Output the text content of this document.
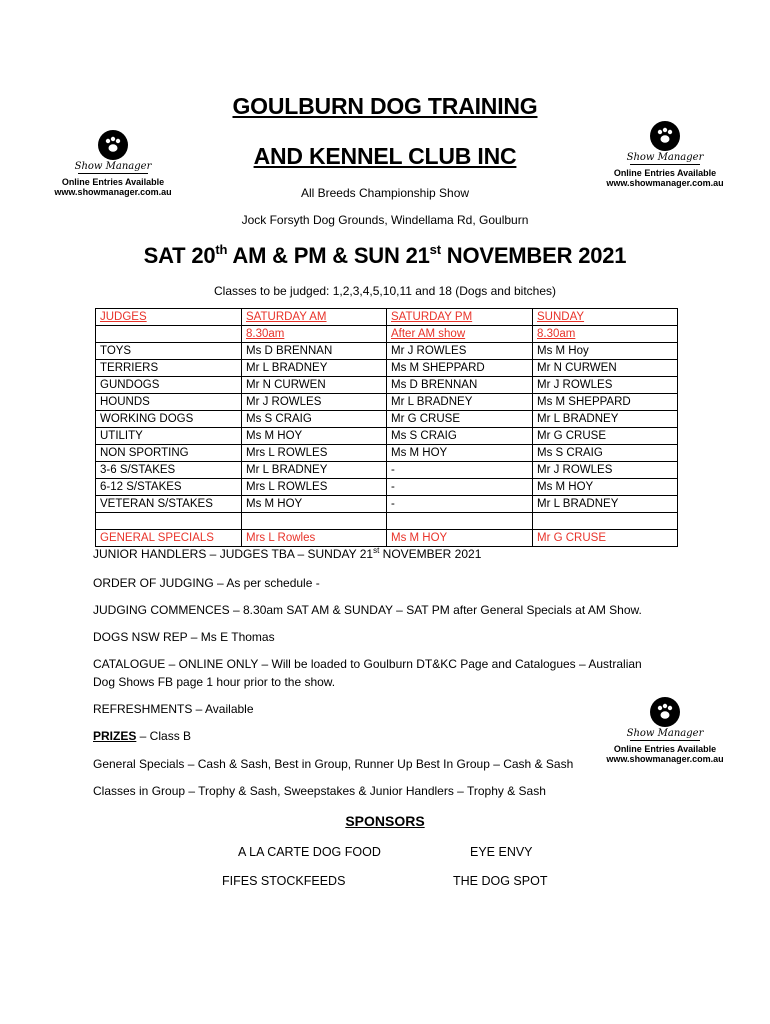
Show Manager
Online Entries Available
www.showmanager.com.au
Show Manager
Online Entries Available
www.showmanager.com.au
Show Manager
Online Entries Available
www.showmanager.com.au
GOULBURN DOG TRAINING
AND KENNEL CLUB INC
All Breeds Championship Show
Jock Forsyth Dog Grounds, Windellama Rd, Goulburn
SAT 20th AM & PM & SUN 21st NOVEMBER 2021
Classes to be judged: 1,2,3,4,5,10,11 and 18 (Dogs and bitches)
JUDGES	SATURDAY AM	SATURDAY PM	SUNDAY
	8.30am	After AM show	8.30am
TOYS	Ms D BRENNAN	Mr J ROWLES	Ms M Hoy
TERRIERS	Mr L BRADNEY	Ms M SHEPPARD	Mr N CURWEN
GUNDOGS	Mr N CURWEN	Ms D BRENNAN	Mr J ROWLES
HOUNDS	Mr J ROWLES	Mr L BRADNEY	Ms M SHEPPARD
WORKING DOGS	Ms S CRAIG	Mr G CRUSE	Mr L BRADNEY
UTILITY	Ms M HOY	Ms S CRAIG	Mr G CRUSE
NON SPORTING	Mrs L ROWLES	Ms M HOY	Ms S CRAIG
3-6 S/STAKES	Mr L BRADNEY	-	Mr J ROWLES
6-12 S/STAKES	Mrs L ROWLES	-	Ms M HOY
VETERAN S/STAKES	Ms M HOY	-	Mr L BRADNEY

GENERAL SPECIALS	Mrs L Rowles	Ms M HOY	Mr G CRUSE
JUNIOR HANDLERS – JUDGES TBA – SUNDAY 21st NOVEMBER 2021
ORDER OF JUDGING – As per schedule -
JUDGING COMMENCES – 8.30am SAT AM & SUNDAY – SAT PM after General Specials at AM Show.
DOGS NSW REP – Ms E Thomas
CATALOGUE – ONLINE ONLY – Will be loaded to Goulburn DT&KC Page and Catalogues – Australian
Dog Shows FB page 1 hour prior to the show.
REFRESHMENTS – Available
PRIZES – Class B
General Specials – Cash & Sash, Best in Group, Runner Up Best In Group – Cash & Sash
Classes in Group – Trophy & Sash, Sweepstakes & Junior Handlers – Trophy & Sash
SPONSORS
A LA CARTE DOG FOOD	EYE ENVY
FIFES STOCKFEEDS	THE DOG SPOT
